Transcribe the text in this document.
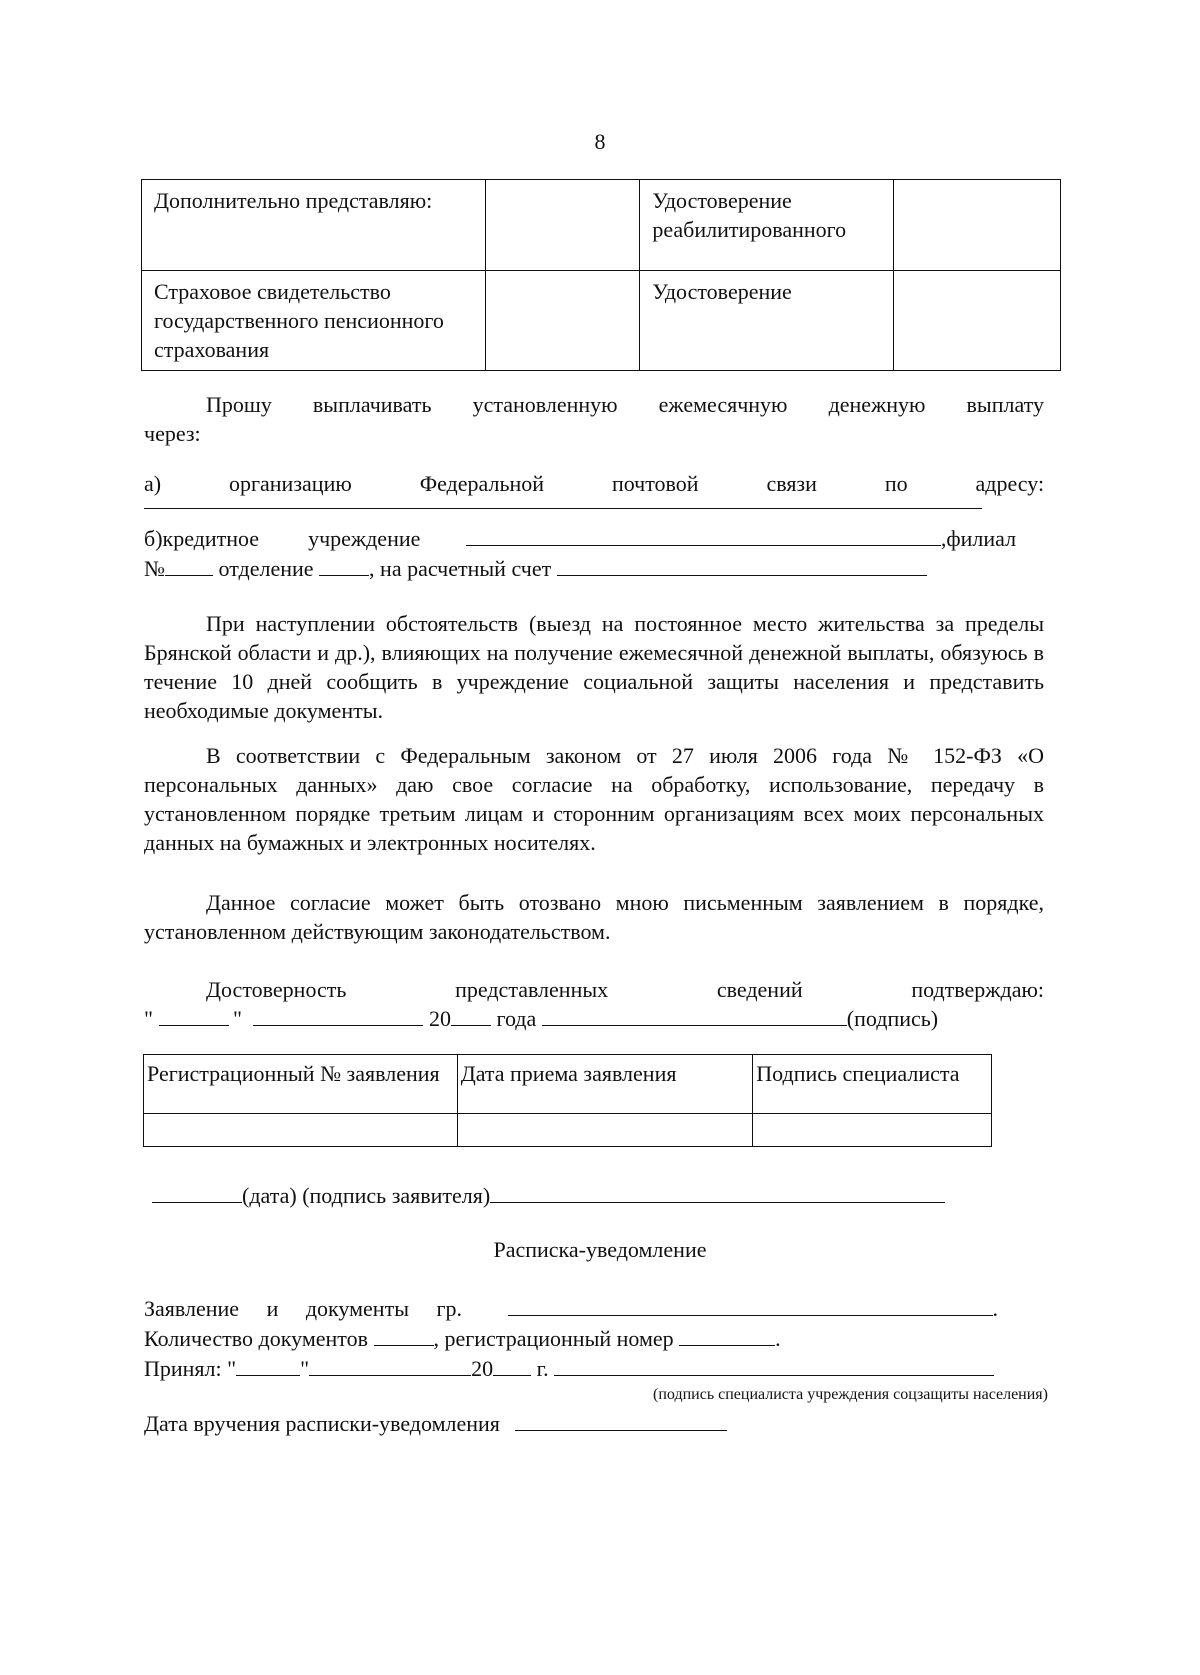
8
Дополнительно представляю:		Удостоверение реабилитированного	
Страховое свидетельство государственного пенсионного страхования		Удостоверение	
Прошу выплачивать установленную ежемесячную денежную выплату
через:
а)	организацию	Федеральной	почтовой	связи	по	адресу:
б)кредитное учреждение	,филиал
№ отделение	, на расчетный счет
При наступлении обстоятельств (выезд на постоянное место жительства за пределы Брянской области и др.), влияющих на получение ежемесячной денежной выплаты, обязуюсь в течение 10 дней сообщить в учреждение социальной защиты населения и представить необходимые документы.
В соответствии с Федеральным законом от 27 июля 2006 года № 152-ФЗ «О персональных данных» даю свое согласие на обработку, использование, передачу в установленном порядке третьим лицам и сторонним организациям всех моих персональных данных на бумажных и электронных носителях.
Данное согласие может быть отозвано мною письменным заявлением в порядке, установленном действующим законодательством.
Достоверность	представленных	сведений	подтверждаю:
"	"	20 года	(подпись)
Регистрационный № заявления	Дата приема заявления	Подпись специалиста

(дата) (подпись заявителя)
Расписка-уведомление
Заявление и документы гр.	.
Количество документов	, регистрационный номер	.
Принял: "	"	20 г.
(подпись специалиста учреждения соцзащиты населения)
Дата вручения расписки-уведомления
